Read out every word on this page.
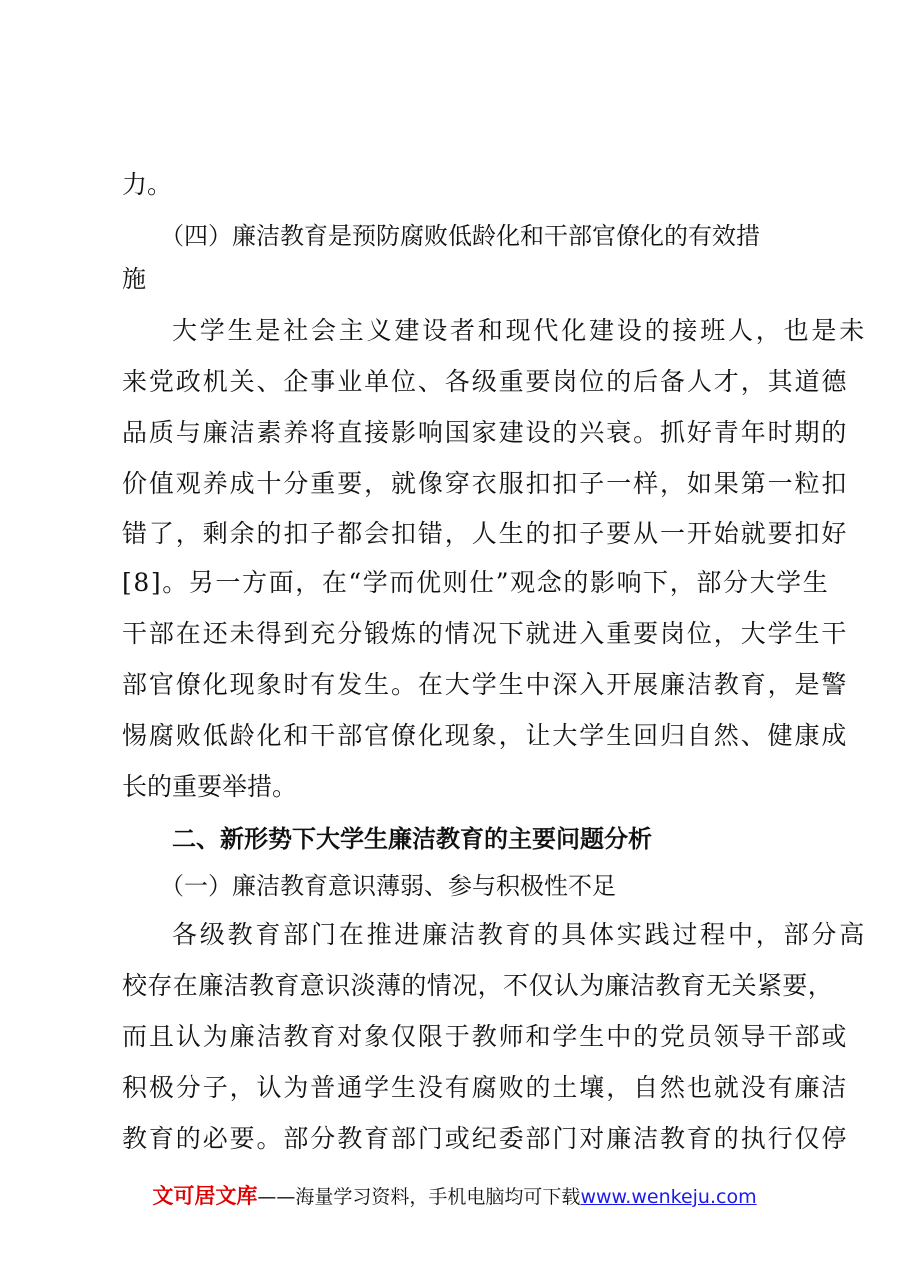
力。
（四）廉洁教育是预防腐败低龄化和干部官僚化的有效措
施
大学生是社会主义建设者和现代化建设的接班人，也是未
来党政机关、企事业单位、各级重要岗位的后备人才，其道德
品质与廉洁素养将直接影响国家建设的兴衰。抓好青年时期的
价值观养成十分重要，就像穿衣服扣扣子一样，如果第一粒扣
错了，剩余的扣子都会扣错，人生的扣子要从一开始就要扣好
[8]。另一方面，在“学而优则仕”观念的影响下，部分大学生
干部在还未得到充分锻炼的情况下就进入重要岗位，大学生干
部官僚化现象时有发生。在大学生中深入开展廉洁教育，是警
惕腐败低龄化和干部官僚化现象，让大学生回归自然、健康成
长的重要举措。
二、新形势下大学生廉洁教育的主要问题分析
（一）廉洁教育意识薄弱、参与积极性不足
各级教育部门在推进廉洁教育的具体实践过程中，部分高
校存在廉洁教育意识淡薄的情况，不仅认为廉洁教育无关紧要，
而且认为廉洁教育对象仅限于教师和学生中的党员领导干部或
积极分子，认为普通学生没有腐败的土壤，自然也就没有廉洁
教育的必要。部分教育部门或纪委部门对廉洁教育的执行仅停
文可居文库——海量学习资料，手机电脑均可下载www.wenkeju.com
